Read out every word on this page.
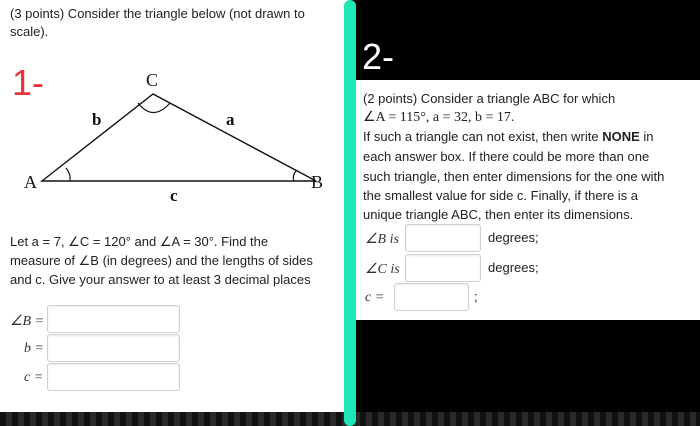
(3 points) Consider the triangle below (not drawn to
scale).
1-	C
A	B
b	a
c
Let a = 7, ∠C = 120° and ∠A = 30°. Find the
measure of ∠B (in degrees) and the lengths of sides
and c. Give your answer to at least 3 decimal places
∠B =
b =
c =
2-
(2 points) Consider a triangle ABC for which
∠A = 115°, a = 32, b = 17.
If such a triangle can not exist, then write NONE in
each answer box. If there could be more than one
such triangle, then enter dimensions for the one with
the smallest value for side c. Finally, if there is a
unique triangle ABC, then enter its dimensions.
∠B is	degrees;
∠C is	degrees;
c =	;
